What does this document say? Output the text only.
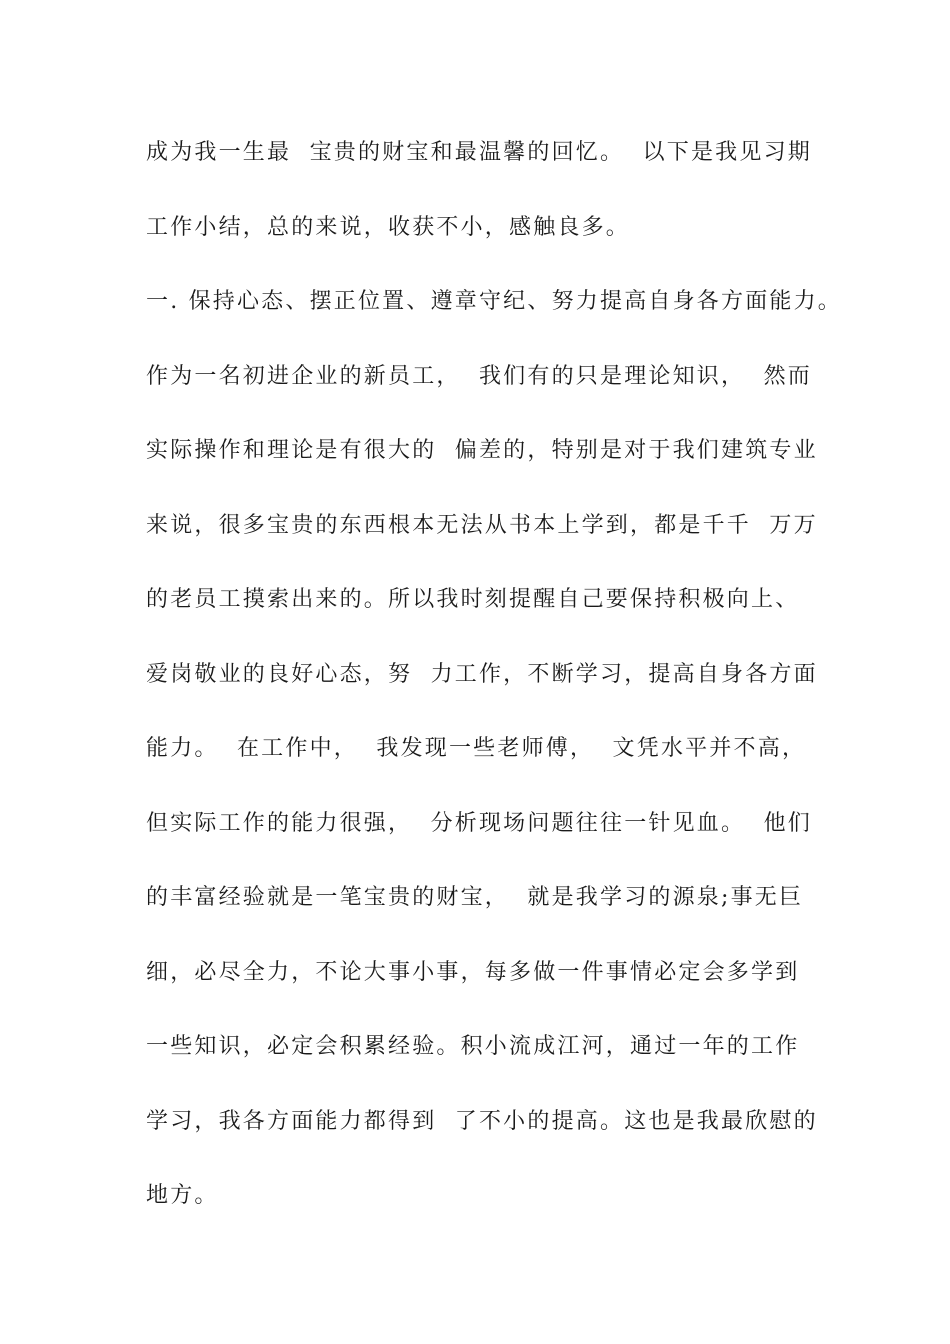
成为我一生最  宝贵的财宝和最温馨的回忆。  以下是我见习期
工作小结，总的来说，收获不小，感触良多。
一. 保持心态、摆正位置、遵章守纪、努力提高自身各方面能力。
作为一名初进企业的新员工，  我们有的只是理论知识，  然而
实际操作和理论是有很大的  偏差的，特别是对于我们建筑专业
来说，很多宝贵的东西根本无法从书本上学到，都是千千  万万
的老员工摸索出来的。所以我时刻提醒自己要保持积极向上、
爱岗敬业的良好心态，努  力工作，不断学习，提高自身各方面
能力。  在工作中，  我发现一些老师傅，  文凭水平并不高，
但实际工作的能力很强，  分析现场问题往往一针见血。  他们
的丰富经验就是一笔宝贵的财宝，  就是我学习的源泉;事无巨
细，必尽全力，不论大事小事，每多做一件事情必定会多学到
一些知识，必定会积累经验。积小流成江河，通过一年的工作
学习，我各方面能力都得到  了不小的提高。这也是我最欣慰的
地方。
